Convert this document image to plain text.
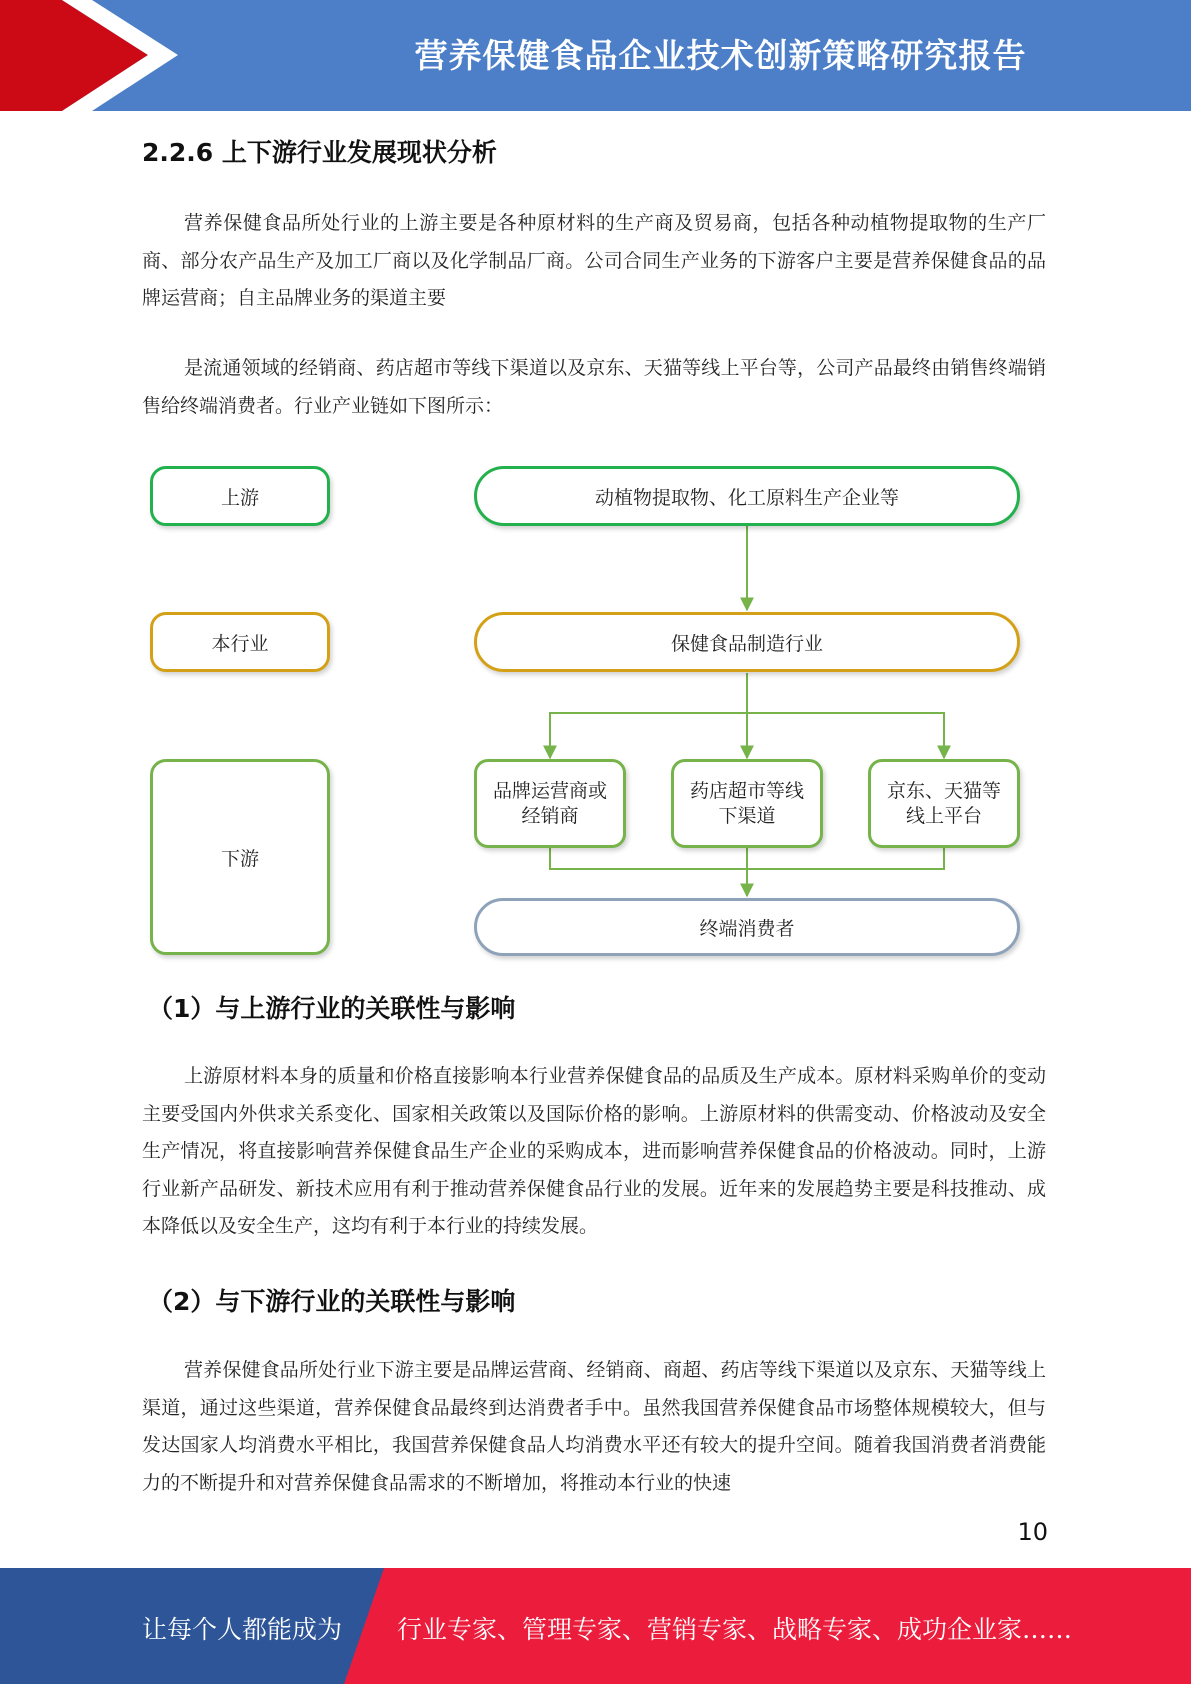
营养保健食品企业技术创新策略研究报告
2.2.6 上下游行业发展现状分析

营养保健食品所处行业的上游主要是各种原材料的生产商及贸易商，包括各种动植物提取物的生产厂商、部分农产品生产及加工厂商以及化学制品厂商。公司合同生产业务的下游客户主要是营养保健食品的品牌运营商；自主品牌业务的渠道主要

是流通领域的经销商、药店超市等线下渠道以及京东、天猫等线上平台等，公司产品最终由销售终端销售给终端消费者。行业产业链如下图所示：

上游
本行业
下游
动植物提取物、化工原料生产企业等
保健食品制造行业
品牌运营商或
经销商
药店超市等线
下渠道
京东、天猫等
线上平台
终端消费者
（1）与上游行业的关联性与影响

上游原材料本身的质量和价格直接影响本行业营养保健食品的品质及生产成本。原材料采购单价的变动主要受国内外供求关系变化、国家相关政策以及国际价格的影响。上游原材料的供需变动、价格波动及安全生产情况，将直接影响营养保健食品生产企业的采购成本，进而影响营养保健食品的价格波动。同时，上游行业新产品研发、新技术应用有利于推动营养保健食品行业的发展。近年来的发展趋势主要是科技推动、成本降低以及安全生产，这均有利于本行业的持续发展。

（2）与下游行业的关联性与影响

营养保健食品所处行业下游主要是品牌运营商、经销商、商超、药店等线下渠道以及京东、天猫等线上渠道，通过这些渠道，营养保健食品最终到达消费者手中。虽然我国营养保健食品市场整体规模较大，但与发达国家人均消费水平相比，我国营养保健食品人均消费水平还有较大的提升空间。随着我国消费者消费能力的不断提升和对营养保健食品需求的不断增加，将推动本行业的快速

10
让每个人都能成为 行业专家、管理专家、营销专家、战略专家、成功企业家……
